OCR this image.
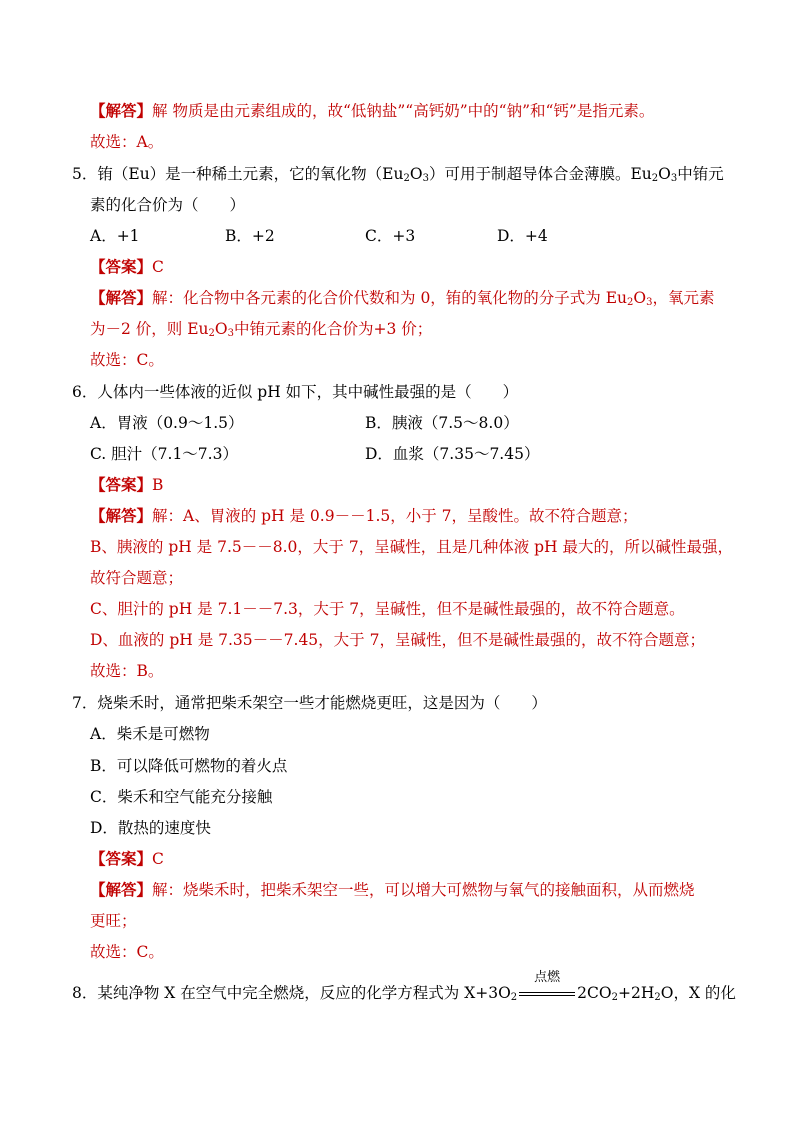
【解答】解 物质是由元素组成的，故“低钠盐”“高钙奶”中的“钠”和“钙”是指元素。
故选：A。
5．铕（Eu）是一种稀土元素，它的氧化物$(Eu_2O_3)$可用于制超导体合金薄膜。$Eu_2O_3$中铕元
素的化合价为（　　）
A．+1	B．+2	C．+3	D．+4
【答案】C
【解答】解：化合物中各元素的化合价代数和为 0，铕的氧化物的分子式为 $Eu_2O_3$，氧元素
为－2 价，则 $Eu_2O_3$中铕元素的化合价为+3 价；
故选：C。
6．人体内一些体液的近似 pH 如下，其中碱性最强的是（　　）
A．胃液（0.9～1.5）	B．胰液（7.5～8.0）
C. 胆汁（7.1～7.3）	D．血浆（7.35～7.45）
【答案】B
【解答】解：A、胃液的 pH 是 0.9－－1.5，小于 7，呈酸性。故不符合题意；
B、胰液的 pH 是 7.5－－8.0，大于 7，呈碱性，且是几种体液 pH 最大的，所以碱性最强，
故符合题意；
C、胆汁的 pH 是 7.1－－7.3，大于 7，呈碱性，但不是碱性最强的，故不符合题意。
D、血液的 pH 是 7.35－－7.45，大于 7，呈碱性，但不是碱性最强的，故不符合题意；
故选：B。
7．烧柴禾时，通常把柴禾架空一些才能燃烧更旺，这是因为（　　）
A．柴禾是可燃物
B．可以降低可燃物的着火点
C．柴禾和空气能充分接触
D．散热的速度快
【答案】C
【解答】解：烧柴禾时，把柴禾架空一些，可以增大可燃物与氧气的接触面积，从而燃烧
更旺；
故选：C。
8．某纯净物 X 在空气中完全燃烧，反应的化学方程式为 $X+3O_2$
点燃
$2CO_2+2H_2O$，X 的化
